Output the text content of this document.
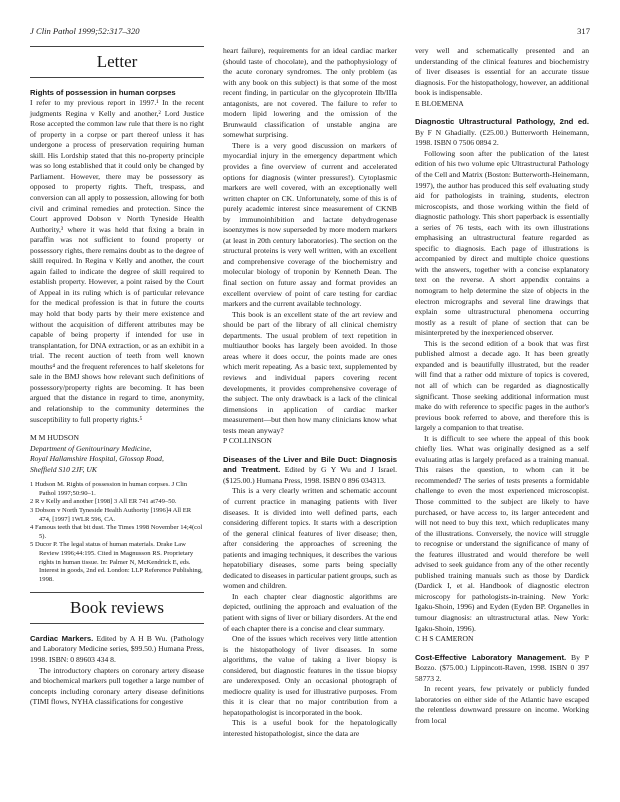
J Clin Pathol 1999;52:317–320	317
Letter

Rights of possession in human corpses

I refer to my previous report in 1997.¹ In the recent judgments Regina v Kelly and another,² Lord Justice Rose accepted the common law rule that there is no right of property in a corpse or part thereof unless it has undergone a process of preservation requiring human skill. His Lordship stated that this no-property principle was so long established that it could only be changed by Parliament. However, there may be possessory as opposed to property rights. Theft, trespass, and conversion can all apply to possession, allowing for both civil and criminal remedies and protection. Since the Court approved Dobson v North Tyneside Health Authority,³ where it was held that fixing a brain in paraffin was not sufficient to found property or possessory rights, there remains doubt as to the degree of skill required. In Regina v Kelly and another, the court again failed to indicate the degree of skill required to establish property. However, a point raised by the Court of Appeal in its ruling which is of particular relevance for the medical profession is that in future the courts may hold that body parts by their mere existence and without the acquisition of different attributes may be capable of being property if intended for use in transplantation, for DNA extraction, or as an exhibit in a trial. The recent auction of teeth from well known mouths⁴ and the frequent references to half skeletons for sale in the BMJ shows how relevant such definitions of possessory/property rights are becoming. It has been argued that the distance in regard to time, anonymity, and relationship to the community determines the susceptibility to full property rights.⁵

M M HUDSON

Department of Genitourinary Medicine,

Royal Hallamshire Hospital, Glossop Road,

Sheffield S10 2JF, UK

1 Hudson M. Rights of possession in human corpses. J Clin Pathol 1997;50:90–1.
2 R v Kelly and another [1998] 3 All ER 741 at749–50.
3 Dobson v North Tyneside Health Authority [1996]4 All ER 474, [1997] 1WLR 596, CA.
4 Famous teeth that bit dust. The Times 1998 November 14;4(col 5).
5 Ducor P. The legal status of human materials. Drake Law Review 1996;44:195. Cited in Magnusson RS. Proprietary rights in human tissue. In: Palmer N, McKendrick E, eds. Interest in goods, 2nd ed. London: LLP Reference Publishing, 1998.
Book reviews

Cardiac Markers. Edited by A H B Wu. (Pathology and Laboratory Medicine series, $99.50.) Humana Press, 1998. ISBN: 0 89603 434 8.

The introductory chapters on coronary artery disease and biochemical markers pull together a large number of concepts including coronary artery disease definitions (TIMI flows, NYHA classifications for congestive

heart failure), requirements for an ideal cardiac marker (should taste of chocolate), and the pathophysiology of the acute coronary syndromes. The only problem (as with any book on this subject) is that some of the most recent finding, in particular on the glycoprotein IIb/IIIa antagonists, are not covered. The failure to refer to modern lipid lowering and the omission of the Brunwauld classification of unstable angina are somewhat surprising.

There is a very good discussion on markers of myocardial injury in the emergency department which provides a fine overview of current and accelerated options for diagnosis (winter pressures!). Cytoplasmic markers are well covered, with an exceptionally well written chapter on CK. Unfortunately, some of this is of purely academic interest since measurement of CKNB by immunoinhibition and lactate dehydrogenase isoenzymes is now superseded by more modern markers (at least in 20th century laboratories). The section on the structural proteins is very well written, with an excellent and comprehensive coverage of the biochemistry and molecular biology of troponin by Kenneth Dean. The final section on future assay and format provides an excellent overview of point of care testing for cardiac markers and the current available technology.

This book is an excellent state of the art review and should be part of the library of all clinical chemistry departments. The usual problem of text repetition in multiauthor books has largely been avoided. In those areas where it does occur, the points made are ones which merit repeating. As a basic text, supplemented by reviews and individual papers covering recent developments, it provides comprehensive coverage of the subject. The only drawback is a lack of the clinical dimensions in application of cardiac marker measurement—but then how many clinicians know what tests mean anyway?

P COLLINSON

Diseases of the Liver and Bile Duct: Diagnosis and Treatment. Edited by G Y Wu and J Israel. ($125.00.) Humana Press, 1998. ISBN 0 896 034313.

This is a very clearly written and schematic account of current practice in managing patients with liver diseases. It is divided into well defined parts, each considering different topics. It starts with a description of the general clinical features of liver disease; then, after considering the approaches of screening the patients and imaging techniques, it describes the various hepatobiliary diseases, some parts being specially dedicated to diseases in particular patient groups, such as women and children.

In each chapter clear diagnostic algorithms are depicted, outlining the approach and evaluation of the patient with signs of liver or biliary disorders. At the end of each chapter there is a concise and clear summary.

One of the issues which receives very little attention is the histopathology of liver diseases. In some algorithms, the value of taking a liver biopsy is considered, but diagnostic features in the tissue biopsy are underexposed. Only an occasional photograph of mediocre quality is used for illustrative purposes. From this it is clear that no major contribution from a hepatopathologist is incorporated in the book.

This is a useful book for the hepatologically interested histopathologist, since the data are

very well and schematically presented and an understanding of the clinical features and biochemistry of liver diseases is essential for an accurate tissue diagnosis. For the histopathology, however, an additional book is indispensable.

E BLOEMENA

Diagnostic Ultrastructural Pathology, 2nd ed. By F N Ghadially. (£25.00.) Butterworth Heinemann, 1998. ISBN 0 7506 0894 2.

Following soon after the publication of the latest edition of his two volume epic Ultrastructural Pathology of the Cell and Matrix (Boston: Butterworth-Heinemann, 1997), the author has produced this self evaluating study aid for pathologists in training, students, electron microscopists, and those working within the field of diagnostic pathology. This short paperback is essentially a series of 76 tests, each with its own illustrations emphasising an ultrastructural feature regarded as specific to diagnosis. Each page of illustrations is accompanied by direct and multiple choice questions with the answers, together with a concise explanatory text on the reverse. A short appendix contains a nomogram to help determine the size of objects in the electron micrographs and several line drawings that explain some ultrastructural phenomena occurring mostly as a result of plane of section that can be misinterpreted by the inexperienced observer.

This is the second edition of a book that was first published almost a decade ago. It has been greatly expanded and is beautifully illustrated, but the reader will find that a rather odd mixture of topics is covered, not all of which can be regarded as diagnostically significant. Those seeking additional information must make do with reference to specific pages in the author's previous book referred to above, and therefore this is largely a companion to that treatise.

It is difficult to see where the appeal of this book chiefly lies. What was originally designed as a self evaluating atlas is largely prefaced as a training manual. This raises the question, to whom can it be recommended? The series of tests presents a formidable challenge to even the most experienced microscopist. Those committed to the subject are likely to have purchased, or have access to, its larger antecedent and will not need to buy this text, which reduplicates many of the illustrations. Conversely, the novice will struggle to recognise or understand the significance of many of the features illustrated and would therefore be well advised to seek guidance from any of the other recently published training manuals such as those by Dardick (Dardick I, et al. Handbook of diagnostic electron microscopy for pathologists-in-training. New York: Igaku-Shoin, 1996) and Eyden (Eyden BP. Organelles in tumour diagnosis: an ultrastructural atlas. New York: Igaku-Shoin, 1996).

C H S CAMERON

Cost-Effective Laboratory Management. By P Bozzo. ($75.00.) Lippincott-Raven, 1998. ISBN 0 397 58773 2.

In recent years, few privately or publicly funded laboratories on either side of the Atlantic have escaped the relentless downward pressure on income. Working from local
